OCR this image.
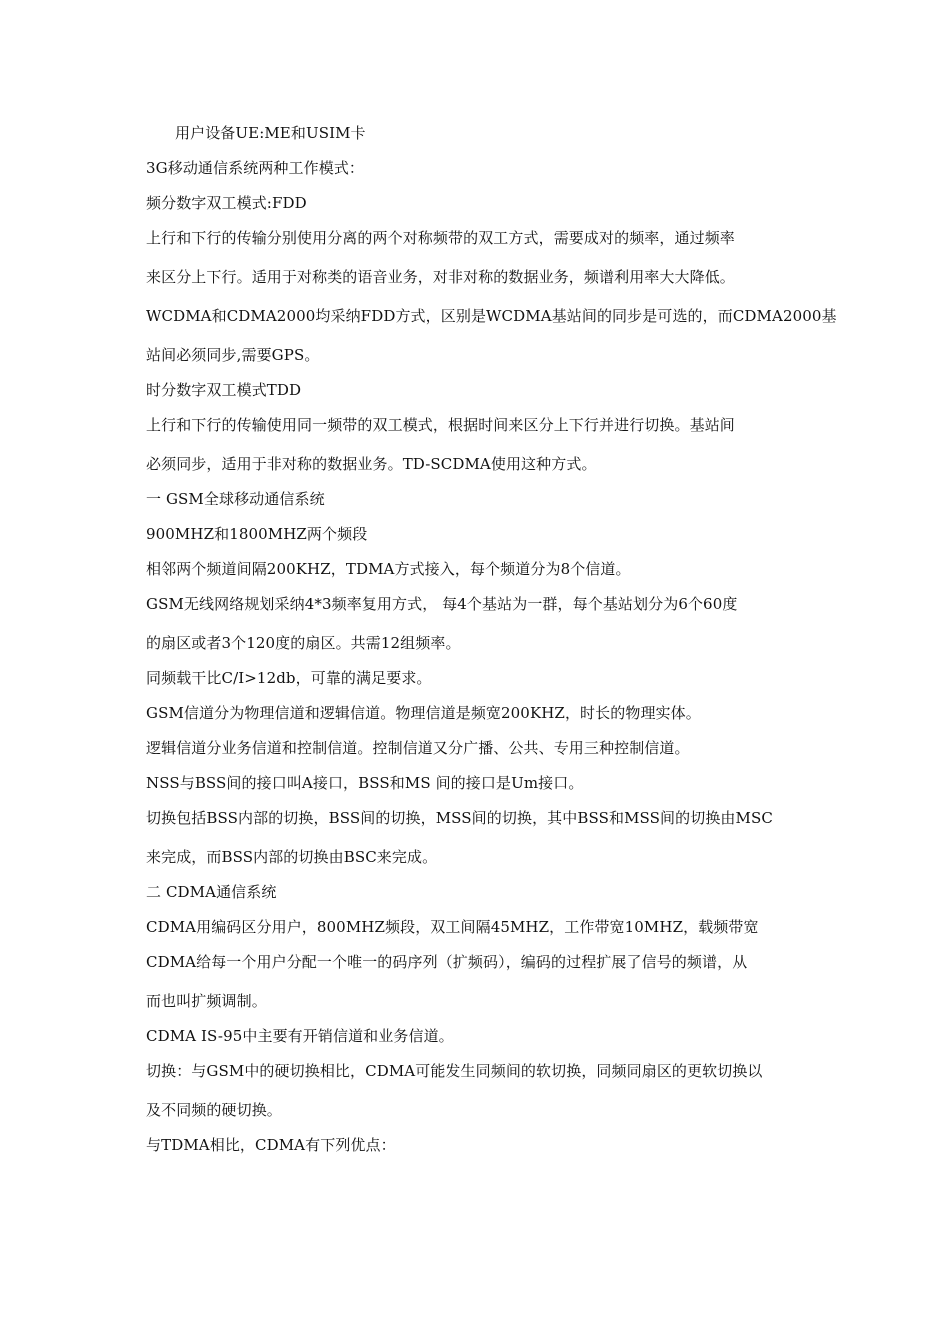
用户设备UE:ME和USIM卡

3G移动通信系统两种工作模式：

频分数字双工模式:FDD

上行和下行的传输分别使用分离的两个对称频带的双工方式，需要成对的频率，通过频率

来区分上下行。适用于对称类的语音业务，对非对称的数据业务，频谱利用率大大降低。

WCDMA和CDMA2000均采纳FDD方式，区别是WCDMA基站间的同步是可选的，而CDMA2000基

站间必须同步,需要GPS。

时分数字双工模式TDD

上行和下行的传输使用同一频带的双工模式，根据时间来区分上下行并进行切换。基站间

必须同步，适用于非对称的数据业务。TD-SCDMA使用这种方式。

一 GSM全球移动通信系统

900MHZ和1800MHZ两个频段

相邻两个频道间隔200KHZ，TDMA方式接入，每个频道分为8个信道。

GSM无线网络规划采纳4*3频率复用方式， 每4个基站为一群，每个基站划分为6个60度

的扇区或者3个120度的扇区。共需12组频率。

同频载干比C/I>12db，可靠的满足要求。

GSM信道分为物理信道和逻辑信道。物理信道是频宽200KHZ，时长的物理实体。

逻辑信道分业务信道和控制信道。控制信道又分广播、公共、专用三种控制信道。

NSS与BSS间的接口叫A接口，BSS和MS 间的接口是Um接口。

切换包括BSS内部的切换，BSS间的切换，MSS间的切换，其中BSS和MSS间的切换由MSC

来完成，而BSS内部的切换由BSC来完成。

二 CDMA通信系统

CDMA用编码区分用户，800MHZ频段，双工间隔45MHZ，工作带宽10MHZ，载频带宽

CDMA给每一个用户分配一个唯一的码序列（扩频码），编码的过程扩展了信号的频谱，从

而也叫扩频调制。

CDMA IS-95中主要有开销信道和业务信道。

切换：与GSM中的硬切换相比，CDMA可能发生同频间的软切换，同频同扇区的更软切换以

及不同频的硬切换。

与TDMA相比，CDMA有下列优点：
